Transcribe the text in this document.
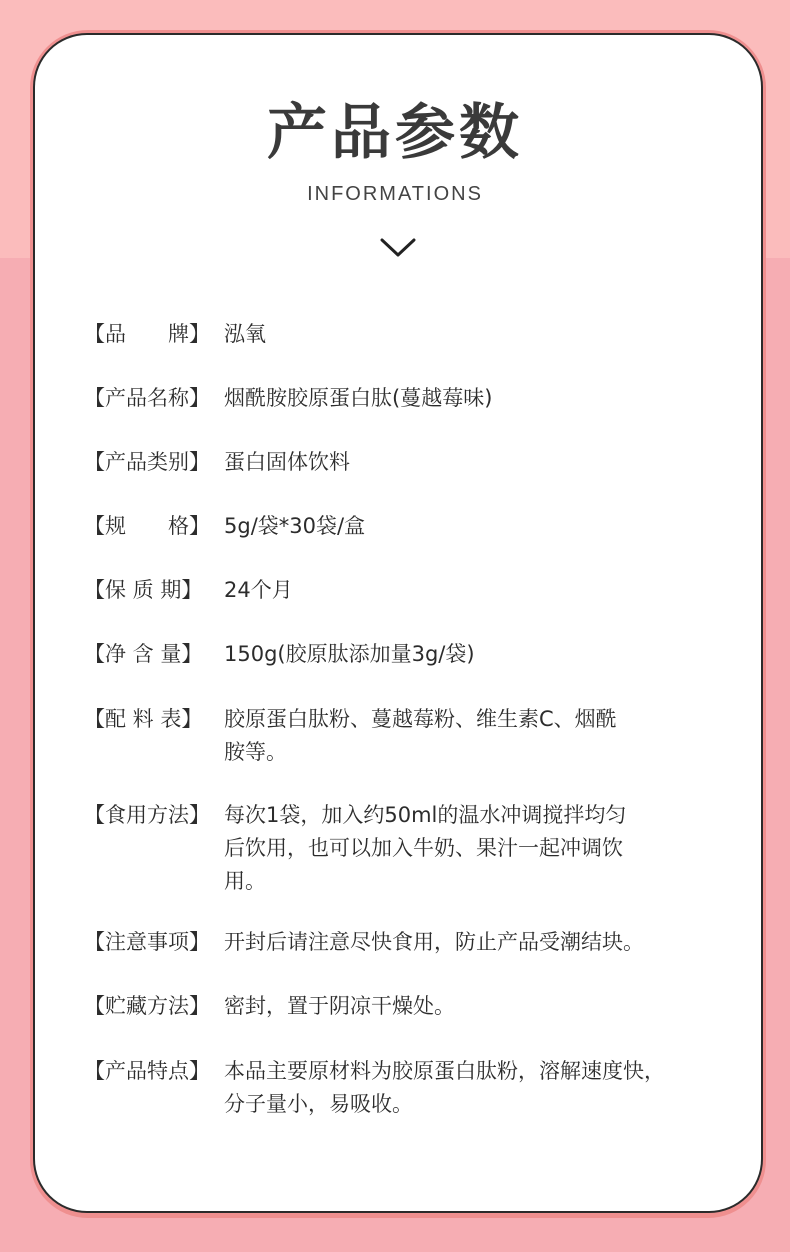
产品参数
INFORMATIONS
【品　　牌】 泓氧
【产品名称】 烟酰胺胶原蛋白肽(蔓越莓味)
【产品类别】 蛋白固体饮料
【规　　格】 5g/袋*30袋/盒
【保 质 期】	24个月
【净 含 量】	150g(胶原肽添加量3g/袋)
【配 料 表】	胶原蛋白肽粉、蔓越莓粉、维生素C、烟酰
胺等。
【食用方法】 每次1袋，加入约50ml的温水冲调搅拌均匀
后饮用，也可以加入牛奶、果汁一起冲调饮
用。
【注意事项】 开封后请注意尽快食用，防止产品受潮结块。
【贮藏方法】 密封，置于阴凉干燥处。
【产品特点】 本品主要原材料为胶原蛋白肽粉，溶解速度快，
分子量小，易吸收。
